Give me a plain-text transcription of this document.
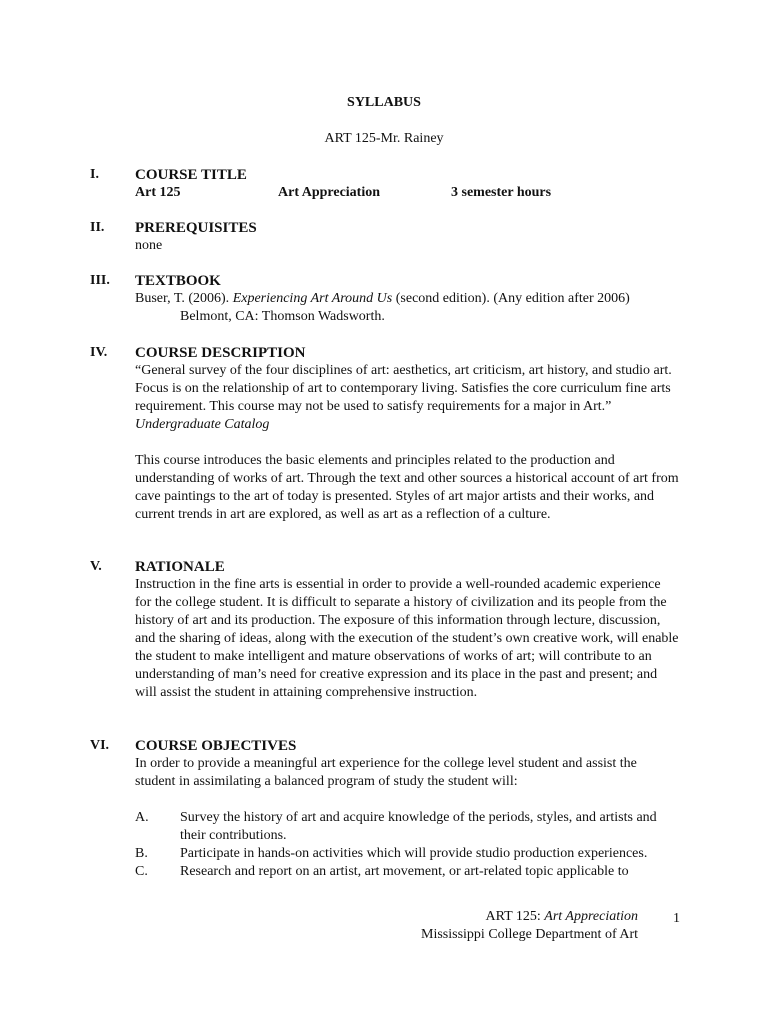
SYLLABUS
ART 125-Mr. Rainey
I. COURSE TITLE
Art 125	Art Appreciation	3 semester hours
II. PREREQUISITES
none
III. TEXTBOOK
Buser, T. (2006). Experiencing Art Around Us (second edition). (Any edition after 2006)
Belmont, CA: Thomson Wadsworth.
IV. COURSE DESCRIPTION

“General survey of the four disciplines of art: aesthetics, art criticism, art history, and studio art. Focus is on the relationship of art to contemporary living. Satisfies the core curriculum fine arts requirement. This course may not be used to satisfy requirements for a major in Art.” Undergraduate Catalog

This course introduces the basic elements and principles related to the production and understanding of works of art. Through the text and other sources a historical account of art from cave paintings to the art of today is presented. Styles of art major artists and their works, and current trends in art are explored, as well as art as a reflection of a culture.

V. RATIONALE

Instruction in the fine arts is essential in order to provide a well-rounded academic experience for the college student. It is difficult to separate a history of civilization and its people from the history of art and its production. The exposure of this information through lecture, discussion, and the sharing of ideas, along with the execution of the student’s own creative work, will enable the student to make intelligent and mature observations of works of art; will contribute to an understanding of man’s need for creative expression and its place in the past and present; and will assist the student in attaining comprehensive instruction.

VI. COURSE OBJECTIVES

In order to provide a meaningful art experience for the college level student and assist the student in assimilating a balanced program of study the student will:

A. Survey the history of art and acquire knowledge of the periods, styles, and artists and their contributions.
B. Participate in hands-on activities which will provide studio production experiences.
C. Research and report on an artist, art movement, or art-related topic applicable to
ART 125: Art Appreciation
Mississippi College Department of Art
1
